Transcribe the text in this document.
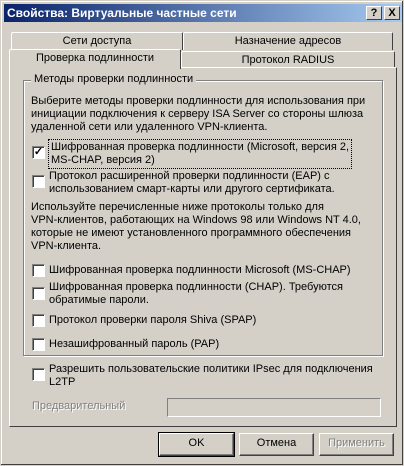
Свойства: Виртуальные частные сети	? X
Сети доступа	Назначение адресов
Проверка подлинности	Протокол RADIUS
Методы проверки подлинности
Выберите методы проверки подлинности для использования при
инициации подключения к серверу ISA Server со стороны шлюза
удаленной сети или удаленного VPN-клиента.
✓ Шифрованная проверка подлинности (Microsoft, версия 2,
MS-CHAP, версия 2)
Протокол расширенной проверки подлинности (EAP) с
использованием смарт-карты или другого сертификата.
Используйте перечисленные ниже протоколы только для
VPN-клиентов, работающих на Windows 98 или Windows NT 4.0,
которые не имеют установленного программного обеспечения
VPN-клиента.
Шифрованная проверка подлинности Microsoft (MS-CHAP)
Шифрованная проверка подлинности (CHAP). Требуются
обратимые пароли.
Протокол проверки пароля Shiva (SPAP)
Незашифрованный пароль (PAP)
Разрешить пользовательские политики IPsec для подключения
L2TP
Предварительный
OK	Отмена	Применить
